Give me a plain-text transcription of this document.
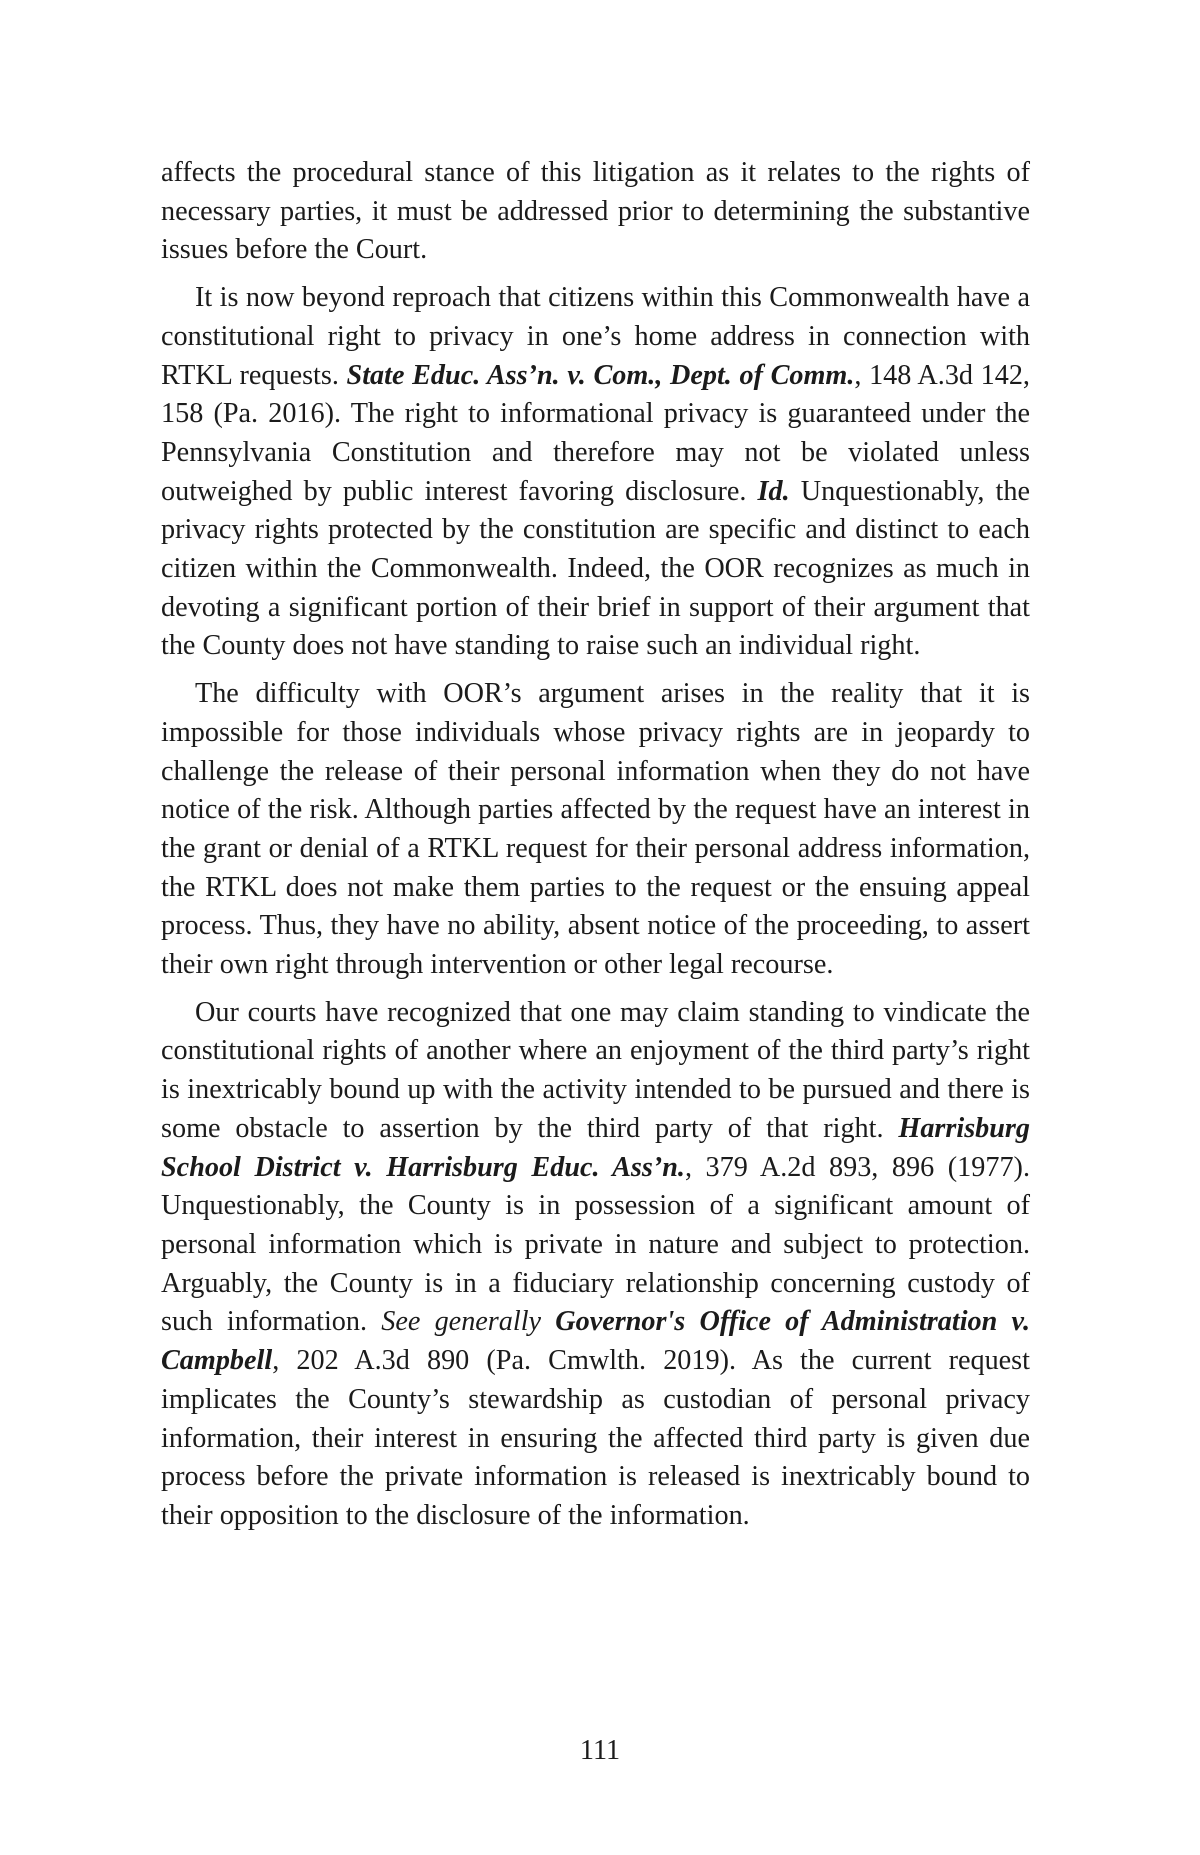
affects the procedural stance of this litigation as it relates to the rights of necessary parties, it must be addressed prior to determining the substantive issues before the Court.

It is now beyond reproach that citizens within this Commonwealth have a constitutional right to privacy in one’s home address in connection with RTKL requests. State Educ. Ass’n. v. Com., Dept. of Comm., 148 A.3d 142, 158 (Pa. 2016). The right to informational privacy is guaranteed under the Pennsylvania Constitution and therefore may not be violated unless outweighed by public interest favoring disclosure. Id. Unquestionably, the privacy rights protected by the constitution are specific and distinct to each citizen within the Commonwealth. Indeed, the OOR recognizes as much in devoting a significant portion of their brief in support of their argument that the County does not have standing to raise such an individual right.

The difficulty with OOR’s argument arises in the reality that it is impossible for those individuals whose privacy rights are in jeopardy to challenge the release of their personal information when they do not have notice of the risk. Although parties affected by the request have an interest in the grant or denial of a RTKL request for their personal address information, the RTKL does not make them parties to the request or the ensuing appeal process. Thus, they have no ability, absent notice of the proceeding, to assert their own right through intervention or other legal recourse.

Our courts have recognized that one may claim standing to vindicate the constitutional rights of another where an enjoyment of the third party’s right is inextricably bound up with the activity intended to be pursued and there is some obstacle to assertion by the third party of that right. Harrisburg School District v. Harrisburg Educ. Ass’n., 379 A.2d 893, 896 (1977). Unquestionably, the County is in possession of a significant amount of personal information which is private in nature and subject to protection. Arguably, the County is in a fiduciary relationship concerning custody of such information. See generally Governor's Office of Administration v. Campbell, 202 A.3d 890 (Pa. Cmwlth. 2019). As the current request implicates the County’s stewardship as custodian of personal privacy information, their interest in ensuring the affected third party is given due process before the private information is released is inextricably bound to their opposition to the disclosure of the information.

111
